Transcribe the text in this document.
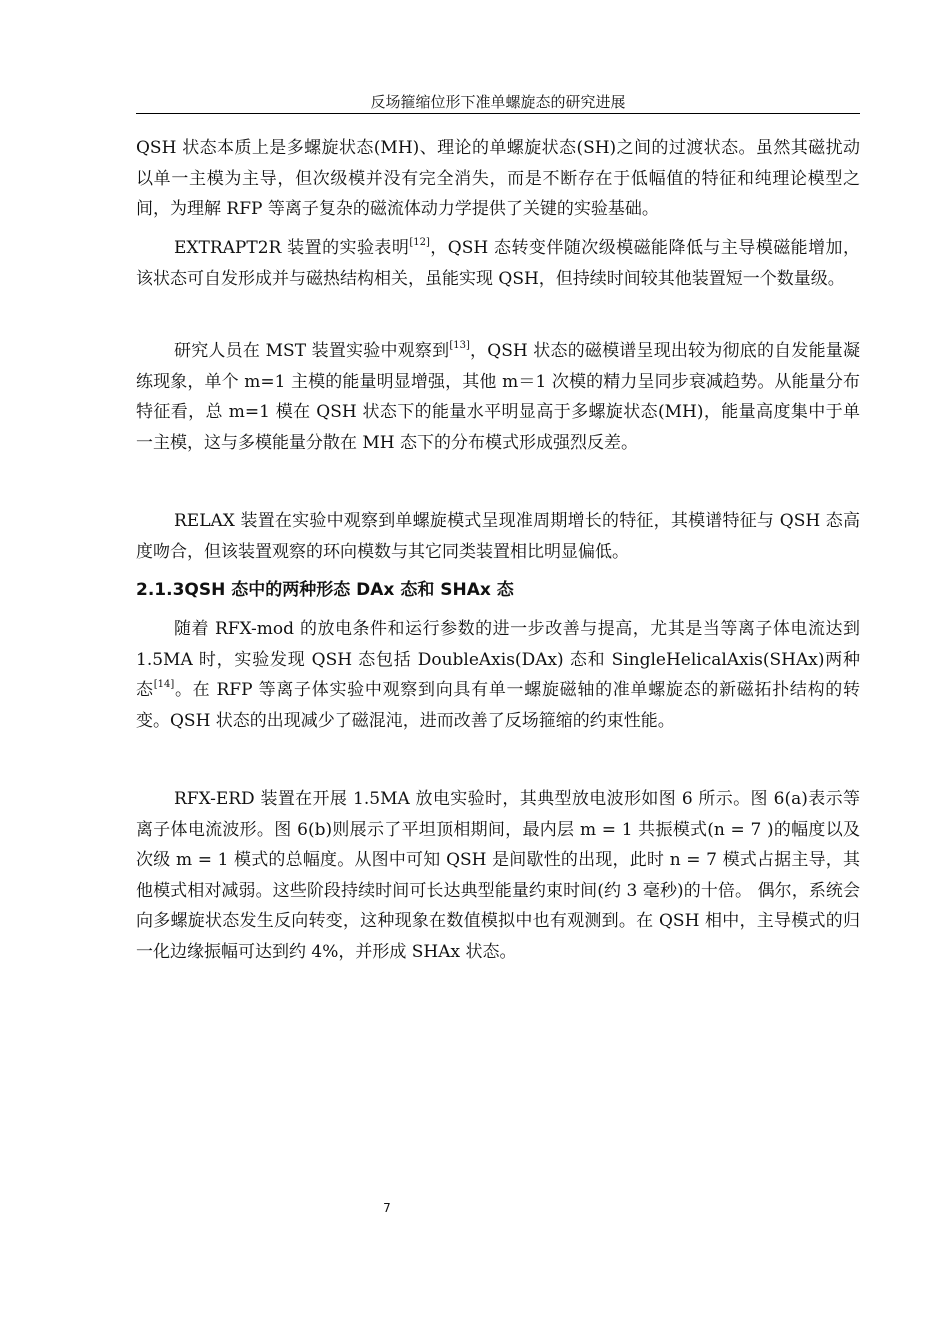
反场箍缩位形下准单螺旋态的研究进展

QSH 状态本质上是多螺旋状态(MH)、理论的单螺旋状态(SH)之间的过渡状态。虽然其磁扰动以单一主模为主导，但次级模并没有完全消失，而是不断存在于低幅值的特征和纯理论模型之间，为理解 RFP 等离子复杂的磁流体动力学提供了关键的实验基础。

EXTRAPT2R 装置的实验表明[12]，QSH 态转变伴随次级模磁能降低与主导模磁能增加，该状态可自发形成并与磁热结构相关，虽能实现 QSH，但持续时间较其他装置短一个数量级。

研究人员在 MST 装置实验中观察到[13]，QSH 状态的磁模谱呈现出较为彻底的自发能量凝练现象，单个 m=1 主模的能量明显增强，其他 m＝1 次模的精力呈同步衰减趋势。从能量分布特征看，总 m=1 模在 QSH 状态下的能量水平明显高于多螺旋状态(MH)，能量高度集中于单一主模，这与多模能量分散在 MH 态下的分布模式形成强烈反差。

RELAX 装置在实验中观察到单螺旋模式呈现准周期增长的特征，其模谱特征与 QSH 态高度吻合，但该装置观察的环向模数与其它同类装置相比明显偏低。

2.1.3QSH 态中的两种形态 DAx 态和 SHAx 态

随着 RFX-mod 的放电条件和运行参数的进一步改善与提高，尤其是当等离子体电流达到 1.5MA 时，实验发现 QSH 态包括 DoubleAxis(DAx) 态和 SingleHelicalAxis(SHAx)两种态[14]。在 RFP 等离子体实验中观察到向具有单一螺旋磁轴的准单螺旋态的新磁拓扑结构的转变。QSH 状态的出现减少了磁混沌，进而改善了反场箍缩的约束性能。

RFX-ERD 装置在开展 1.5MA 放电实验时，其典型放电波形如图 6 所示。图 6(a)表示等离子体电流波形。图 6(b)则展示了平坦顶相期间，最内层 m = 1 共振模式(n = 7 )的幅度以及次级 m = 1 模式的总幅度。从图中可知 QSH 是间歇性的出现，此时 n = 7 模式占据主导，其他模式相对减弱。这些阶段持续时间可长达典型能量约束时间(约 3 毫秒)的十倍。 偶尔，系统会向多螺旋状态发生反向转变，这种现象在数值模拟中也有观测到。在 QSH 相中，主导模式的归一化边缘振幅可达到约 4%，并形成 SHAx 状态。

7
